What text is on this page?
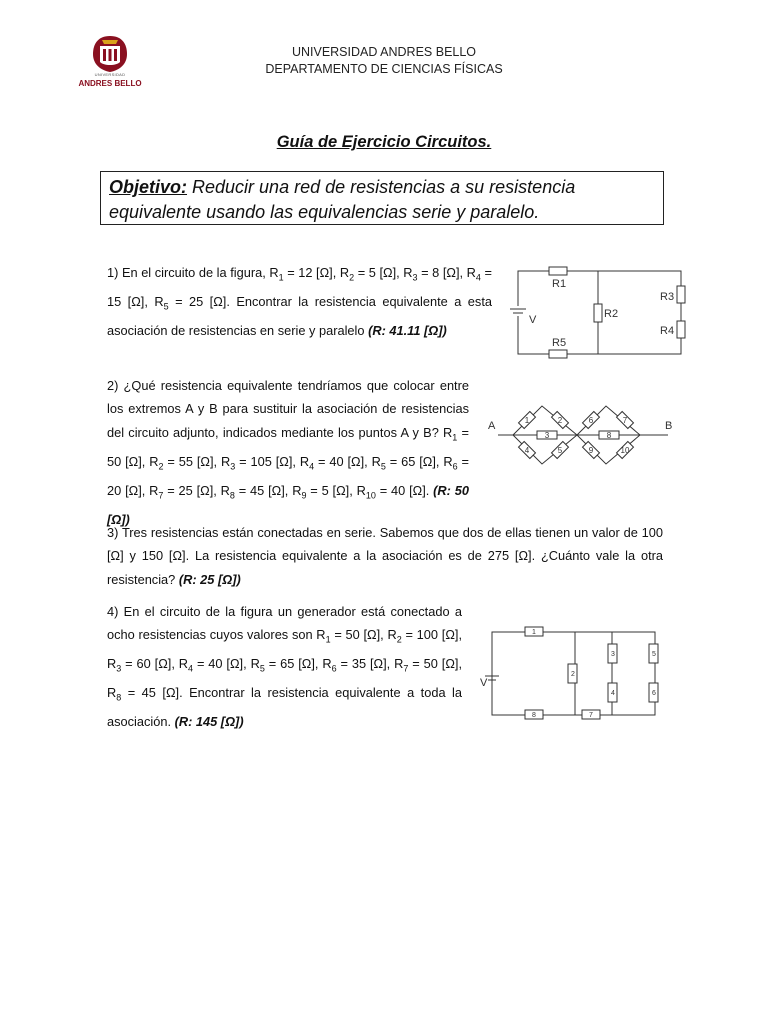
UNIVERSIDAD
ANDRES BELLO
UNIVERSIDAD ANDRES BELLO
DEPARTAMENTO DE CIENCIAS FÍSICAS
Guía de Ejercicio Circuitos.
Objetivo: Reducir una red de resistencias a su resistencia equivalente usando las equivalencias serie y paralelo.
1) En el circuito de la figura, $R_1 = 12$ [Ω], $R_2 = 5$ [Ω], $R_3 = 8$ [Ω], $R_4 = 15$ [Ω], $R_5 = 25$ [Ω]. Encontrar la resistencia equivalente a esta asociación de resistencias en serie y paralelo (R: 41.11 [Ω])
2) ¿Qué resistencia equivalente tendríamos que colocar entre los extremos A y B para sustituir la asociación de resistencias del circuito adjunto, indicados mediante los puntos A y B? $R_1 = 50$ [Ω], $R_2 = 55$ [Ω], $R_3 = 105$ [Ω], $R_4 = 40$ [Ω], $R_5 = 65$ [Ω], $R_6 = 20$ [Ω], $R_7 = 25$ [Ω], $R_8 = 45$ [Ω], $R_9 = 5$ [Ω], $R_{10} = 40$ [Ω]. (R: 50 [Ω])
3) Tres resistencias están conectadas en serie. Sabemos que dos de ellas tienen un valor de 100 [Ω] y 150 [Ω]. La resistencia equivalente a la asociación es de 275 [Ω]. ¿Cuánto vale la otra resistencia? (R: 25 [Ω])
4) En el circuito de la figura un generador está conectado a ocho resistencias cuyos valores son $R_1 = 50$ [Ω], $R_2 = 100$ [Ω], $R_3 = 60$ [Ω], $R_4 = 40$ [Ω], $R_5 = 65$ [Ω], $R_6 = 35$ [Ω], $R_7 = 50$ [Ω], $R_8 = 45$ [Ω]. Encontrar la resistencia equivalente a toda la asociación. (R: 145 [Ω])
R1
R2
R3
R4
R5
V
1	2
3
4	5
6	7
8
9	10
A	B
1
2
3
4
5
6
7
8
V
